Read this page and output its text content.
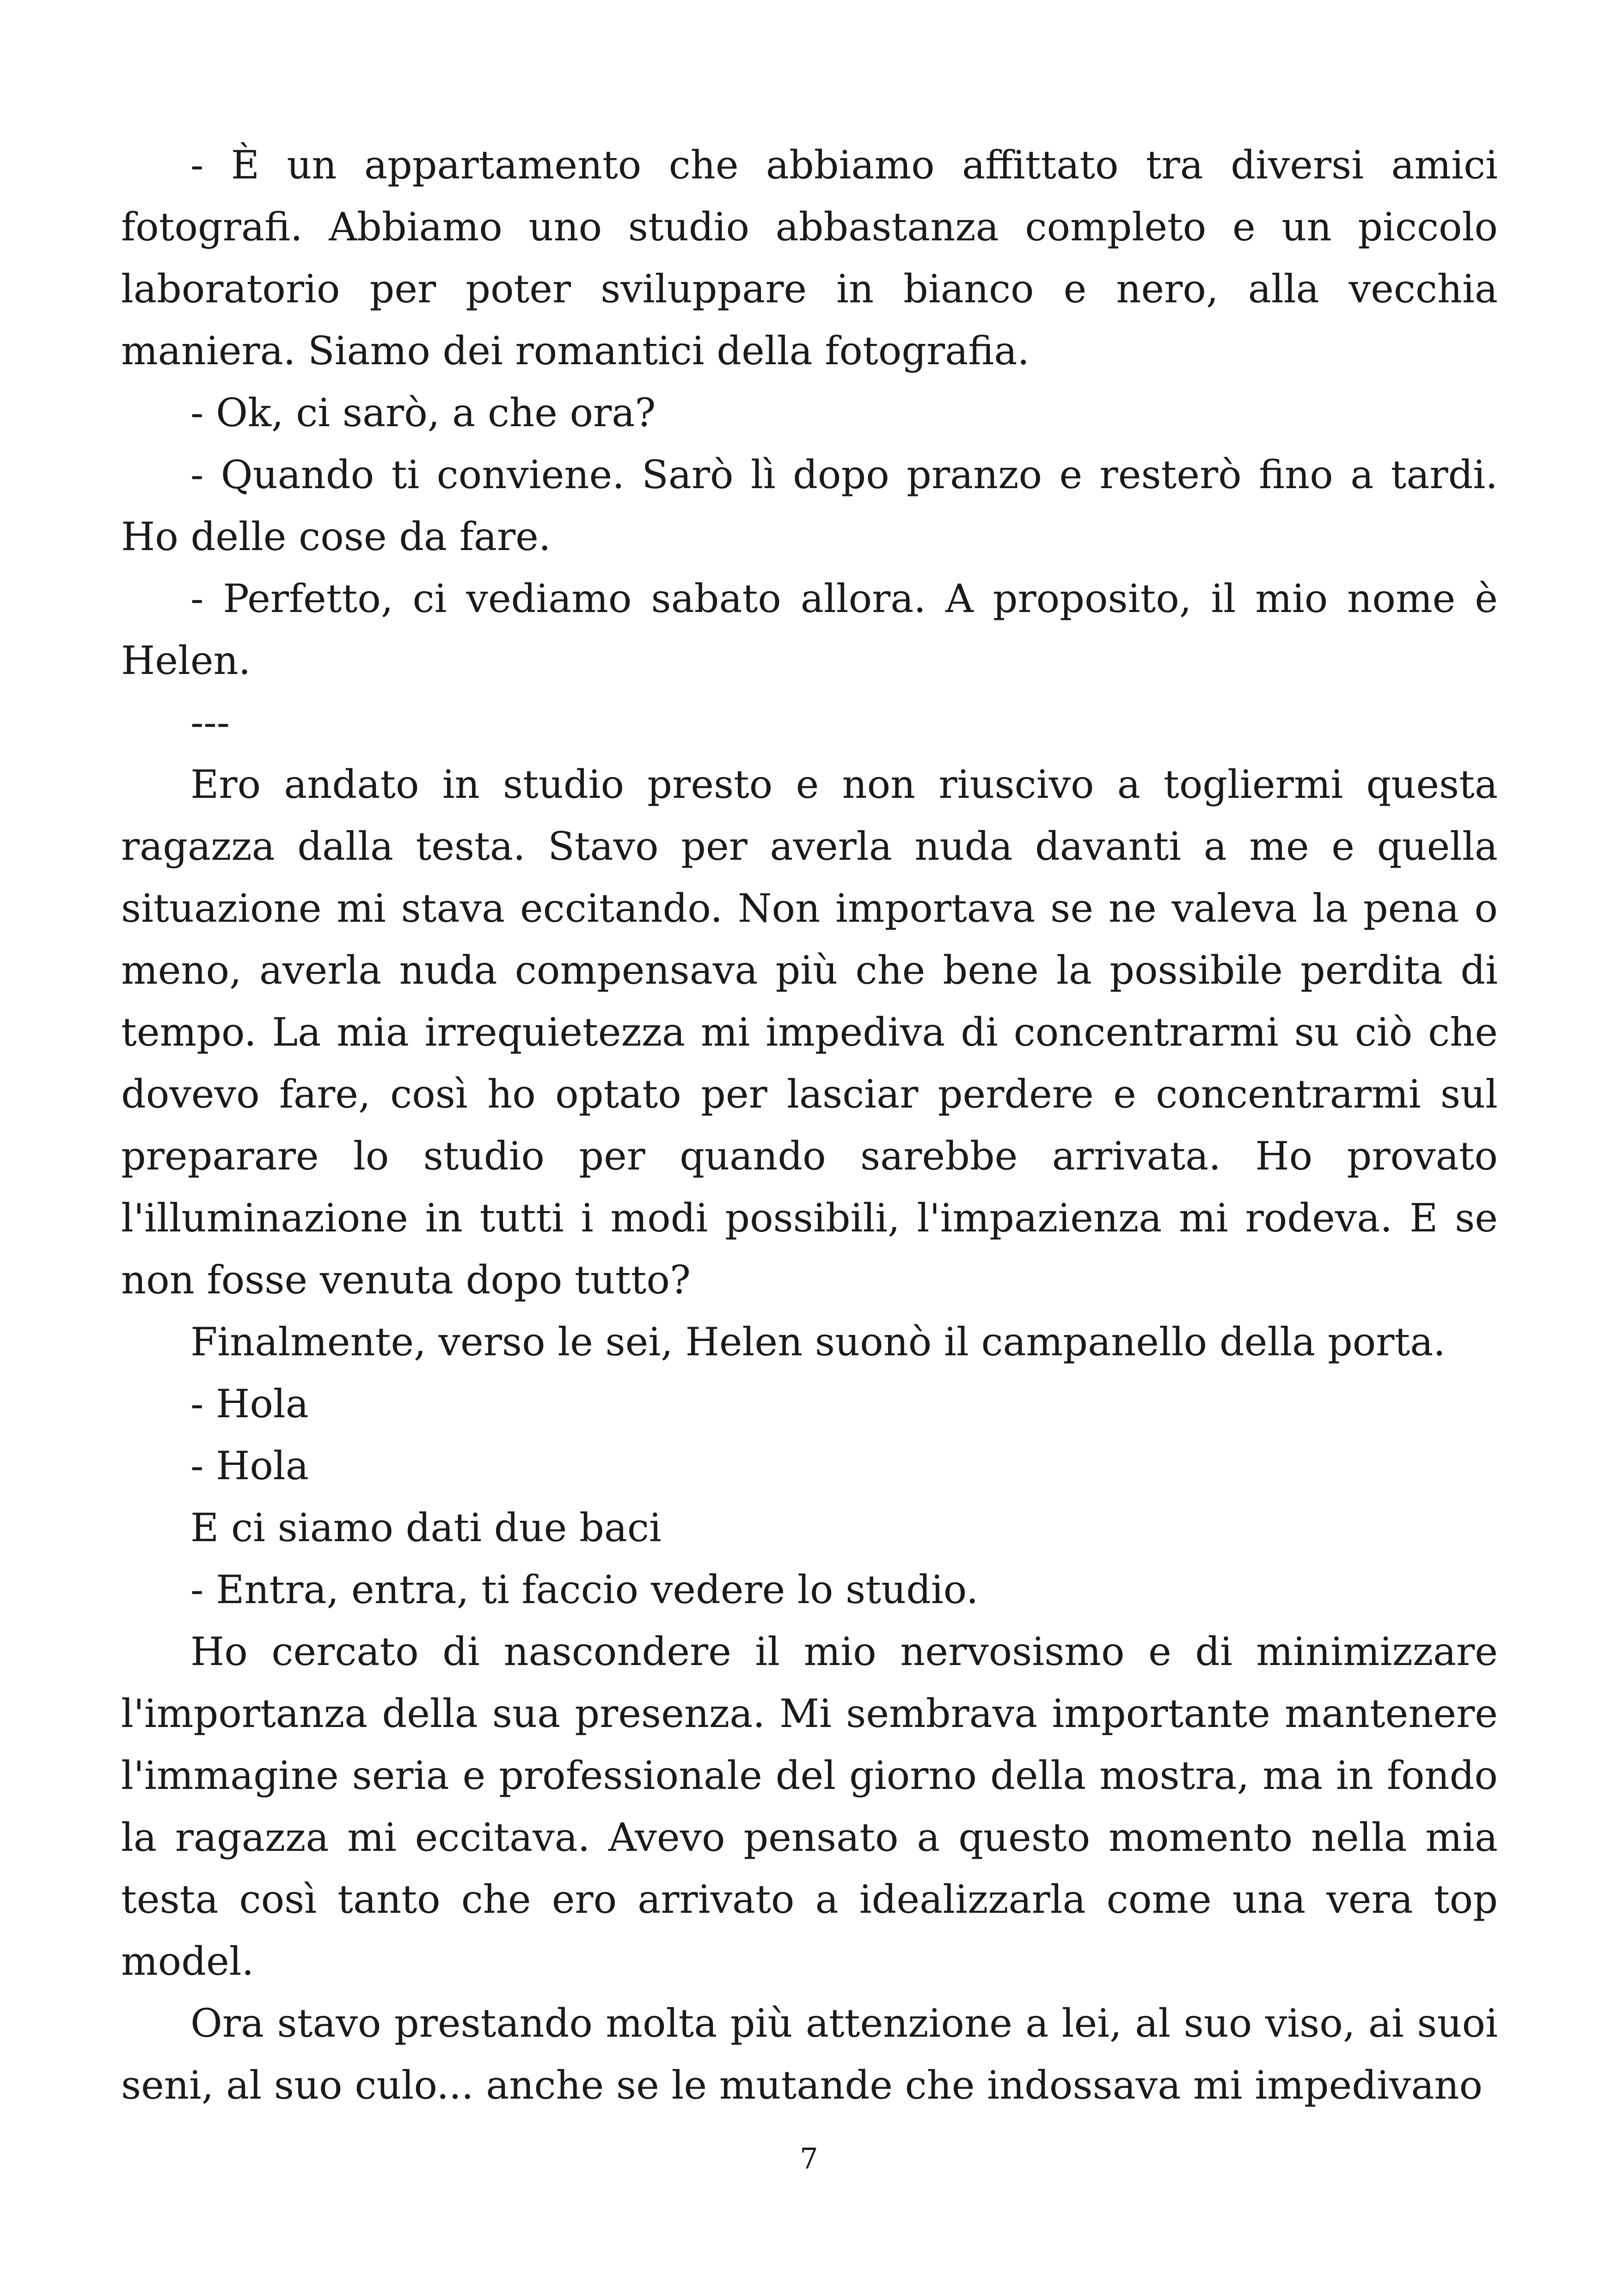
- È un appartamento che abbiamo affittato tra diversi amici fotografi. Abbiamo uno studio abbastanza completo e un piccolo laboratorio per poter sviluppare in bianco e nero, alla vecchia maniera. Siamo dei romantici della fotografia.

- Ok, ci sarò, a che ora?

- Quando ti conviene. Sarò lì dopo pranzo e resterò fino a tardi. Ho delle cose da fare.

- Perfetto, ci vediamo sabato allora. A proposito, il mio nome è Helen.

---

Ero andato in studio presto e non riuscivo a togliermi questa ragazza dalla testa. Stavo per averla nuda davanti a me e quella situazione mi stava eccitando. Non importava se ne valeva la pena o meno, averla nuda compensava più che bene la possibile perdita di tempo. La mia irrequietezza mi impediva di concentrarmi su ciò che dovevo fare, così ho optato per lasciar perdere e concentrarmi sul preparare lo studio per quando sarebbe arrivata. Ho provato l'illuminazione in tutti i modi possibili, l'impazienza mi rodeva. E se non fosse venuta dopo tutto?

Finalmente, verso le sei, Helen suonò il campanello della porta.

- Hola

- Hola

E ci siamo dati due baci

- Entra, entra, ti faccio vedere lo studio.

Ho cercato di nascondere il mio nervosismo e di minimizzare l'importanza della sua presenza. Mi sembrava importante mantenere l'immagine seria e professionale del giorno della mostra, ma in fondo la ragazza mi eccitava. Avevo pensato a questo momento nella mia testa così tanto che ero arrivato a idealizzarla come una vera top model.

Ora stavo prestando molta più attenzione a lei, al suo viso, ai suoi seni, al suo culo... anche se le mutande che indossava mi impedivano

7
